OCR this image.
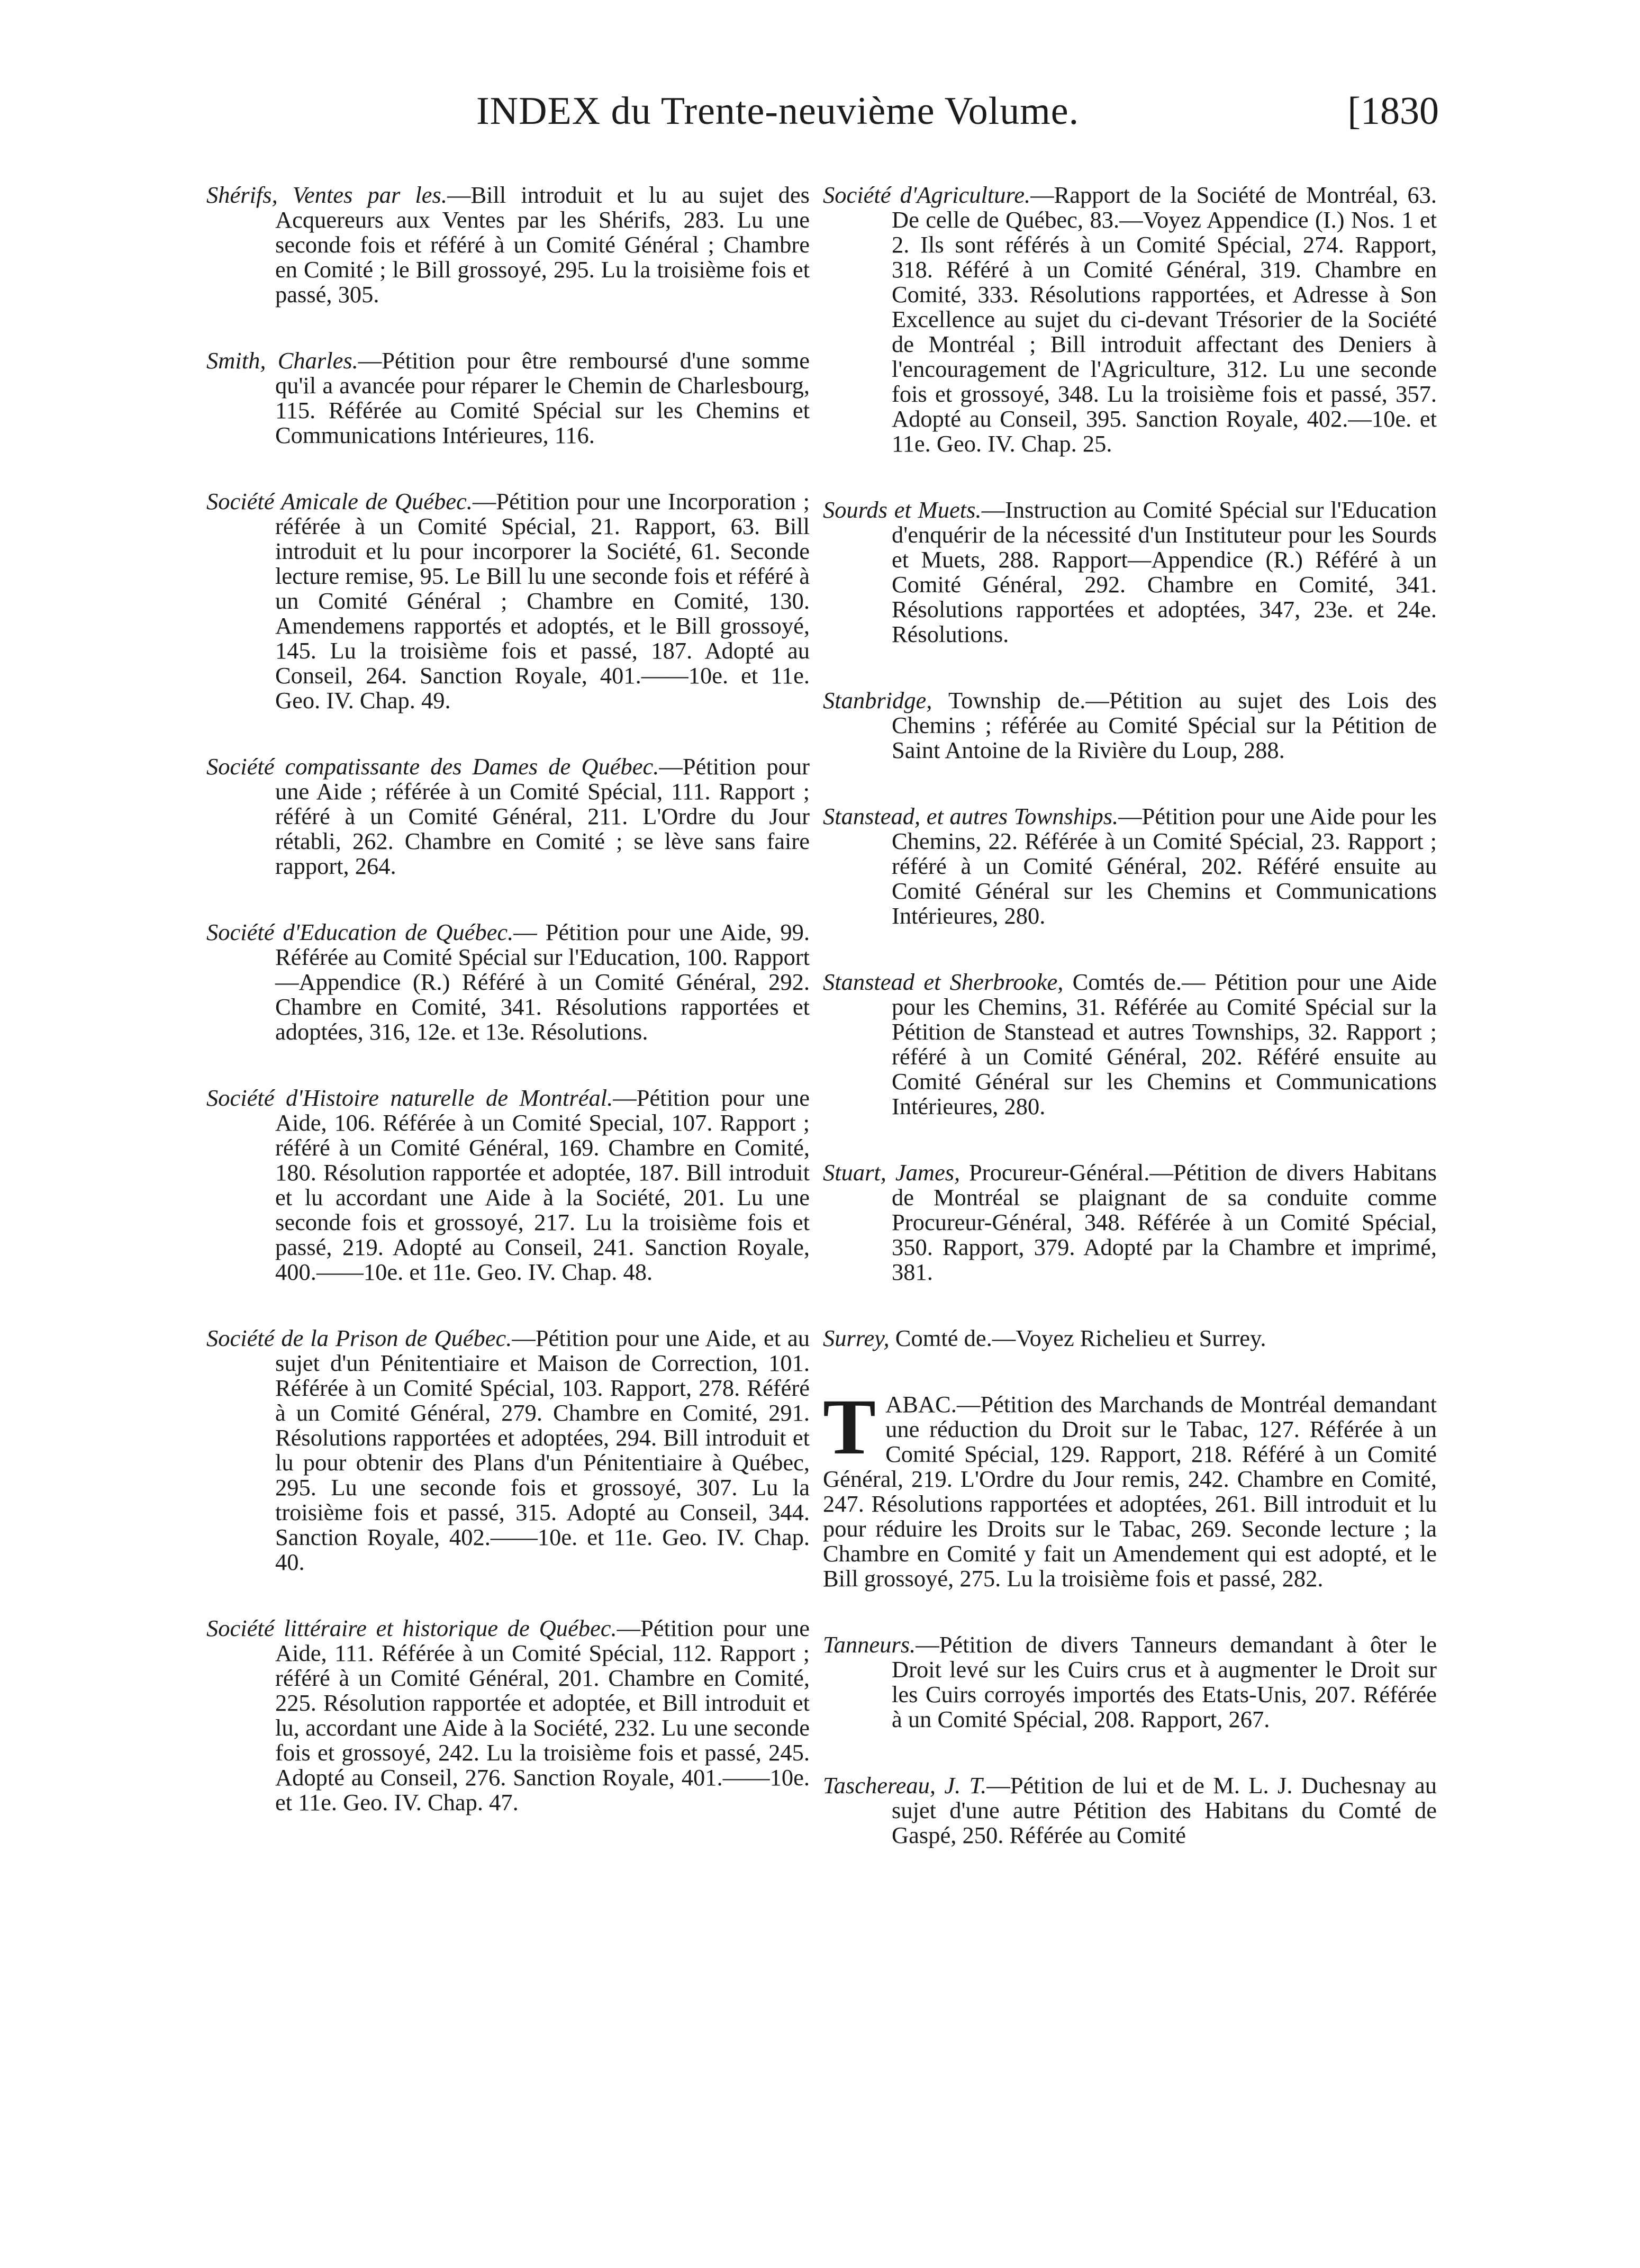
INDEX du Trente-neuvième Volume.	[1830

Shérifs, Ventes par les.—Bill introduit et lu au sujet des Acquereurs aux Ventes par les Shérifs, 283. Lu une seconde fois et référé à un Comité Général ; Chambre en Comité ; le Bill grossoyé, 295. Lu la troisième fois et passé, 305.

Smith, Charles.—Pétition pour être remboursé d'une somme qu'il a avancée pour réparer le Chemin de Charlesbourg, 115. Référée au Comité Spécial sur les Chemins et Communications Intérieures, 116.

Société Amicale de Québec.—Pétition pour une Incorporation ; référée à un Comité Spécial, 21. Rapport, 63. Bill introduit et lu pour incorporer la Société, 61. Seconde lecture remise, 95. Le Bill lu une seconde fois et référé à un Comité Général ; Chambre en Comité, 130. Amendemens rapportés et adoptés, et le Bill grossoyé, 145. Lu la troisième fois et passé, 187. Adopté au Conseil, 264. Sanction Royale, 401.——10e. et 11e. Geo. IV. Chap. 49.

Société compatissante des Dames de Québec.—Pétition pour une Aide ; référée à un Comité Spécial, 111. Rapport ; référé à un Comité Général, 211. L'Ordre du Jour rétabli, 262. Chambre en Comité ; se lève sans faire rapport, 264.

Société d'Education de Québec.— Pétition pour une Aide, 99. Référée au Comité Spécial sur l'Education, 100. Rapport—Appendice (R.) Référé à un Comité Général, 292. Chambre en Comité, 341. Résolutions rapportées et adoptées, 316, 12e. et 13e. Résolutions.

Société d'Histoire naturelle de Montréal.—Pétition pour une Aide, 106. Référée à un Comité Special, 107. Rapport ; référé à un Comité Général, 169. Chambre en Comité, 180. Résolution rapportée et adoptée, 187. Bill introduit et lu accordant une Aide à la Société, 201. Lu une seconde fois et grossoyé, 217. Lu la troisième fois et passé, 219. Adopté au Conseil, 241. Sanction Royale, 400.——10e. et 11e. Geo. IV. Chap. 48.

Société de la Prison de Québec.—Pétition pour une Aide, et au sujet d'un Pénitentiaire et Maison de Correction, 101. Référée à un Comité Spécial, 103. Rapport, 278. Référé à un Comité Général, 279. Chambre en Comité, 291. Résolutions rapportées et adoptées, 294. Bill introduit et lu pour obtenir des Plans d'un Pénitentiaire à Québec, 295. Lu une seconde fois et grossoyé, 307. Lu la troisième fois et passé, 315. Adopté au Conseil, 344. Sanction Royale, 402.——10e. et 11e. Geo. IV. Chap. 40.

Société littéraire et historique de Québec.—Pétition pour une Aide, 111. Référée à un Comité Spécial, 112. Rapport ; référé à un Comité Général, 201. Chambre en Comité, 225. Résolution rapportée et adoptée, et Bill introduit et lu, accordant une Aide à la Société, 232. Lu une seconde fois et grossoyé, 242. Lu la troisième fois et passé, 245. Adopté au Conseil, 276. Sanction Royale, 401.——10e. et 11e. Geo. IV. Chap. 47.

Société d'Agriculture.—Rapport de la Société de Montréal, 63. De celle de Québec, 83.—Voyez Appendice (I.) Nos. 1 et 2. Ils sont référés à un Comité Spécial, 274. Rapport, 318. Référé à un Comité Général, 319. Chambre en Comité, 333. Résolutions rapportées, et Adresse à Son Excellence au sujet du ci-devant Trésorier de la Société de Montréal ; Bill introduit affectant des Deniers à l'encouragement de l'Agriculture, 312. Lu une seconde fois et grossoyé, 348. Lu la troisième fois et passé, 357. Adopté au Conseil, 395. Sanction Royale, 402.—10e. et 11e. Geo. IV. Chap. 25.

Sourds et Muets.—Instruction au Comité Spécial sur l'Education d'enquérir de la nécessité d'un Instituteur pour les Sourds et Muets, 288. Rapport—Appendice (R.) Référé à un Comité Général, 292. Chambre en Comité, 341. Résolutions rapportées et adoptées, 347, 23e. et 24e. Résolutions.

Stanbridge, Township de.—Pétition au sujet des Lois des Chemins ; référée au Comité Spécial sur la Pétition de Saint Antoine de la Rivière du Loup, 288.

Stanstead, et autres Townships.—Pétition pour une Aide pour les Chemins, 22. Référée à un Comité Spécial, 23. Rapport ; référé à un Comité Général, 202. Référé ensuite au Comité Général sur les Chemins et Communications Intérieures, 280.

Stanstead et Sherbrooke, Comtés de.— Pétition pour une Aide pour les Chemins, 31. Référée au Comité Spécial sur la Pétition de Stanstead et autres Townships, 32. Rapport ; référé à un Comité Général, 202. Référé ensuite au Comité Général sur les Chemins et Communications Intérieures, 280.

Stuart, James, Procureur-Général.—Pétition de divers Habitans de Montréal se plaignant de sa conduite comme Procureur-Général, 348. Référée à un Comité Spécial, 350. Rapport, 379. Adopté par la Chambre et imprimé, 381.

Surrey, Comté de.—Voyez Richelieu et Surrey.

TABAC.—Pétition des Marchands de Montréal demandant une réduction du Droit sur le Tabac, 127. Référée à un Comité Spécial, 129. Rapport, 218. Référé à un Comité Général, 219. L'Ordre du Jour remis, 242. Chambre en Comité, 247. Résolutions rapportées et adoptées, 261. Bill introduit et lu pour réduire les Droits sur le Tabac, 269. Seconde lecture ; la Chambre en Comité y fait un Amendement qui est adopté, et le Bill grossoyé, 275. Lu la troisième fois et passé, 282.

Tanneurs.—Pétition de divers Tanneurs demandant à ôter le Droit levé sur les Cuirs crus et à augmenter le Droit sur les Cuirs corroyés importés des Etats-Unis, 207. Référée à un Comité Spécial, 208. Rapport, 267.

Taschereau, J. T.—Pétition de lui et de M. L. J. Duchesnay au sujet d'une autre Pétition des Habitans du Comté de Gaspé, 250. Référée au Comité
